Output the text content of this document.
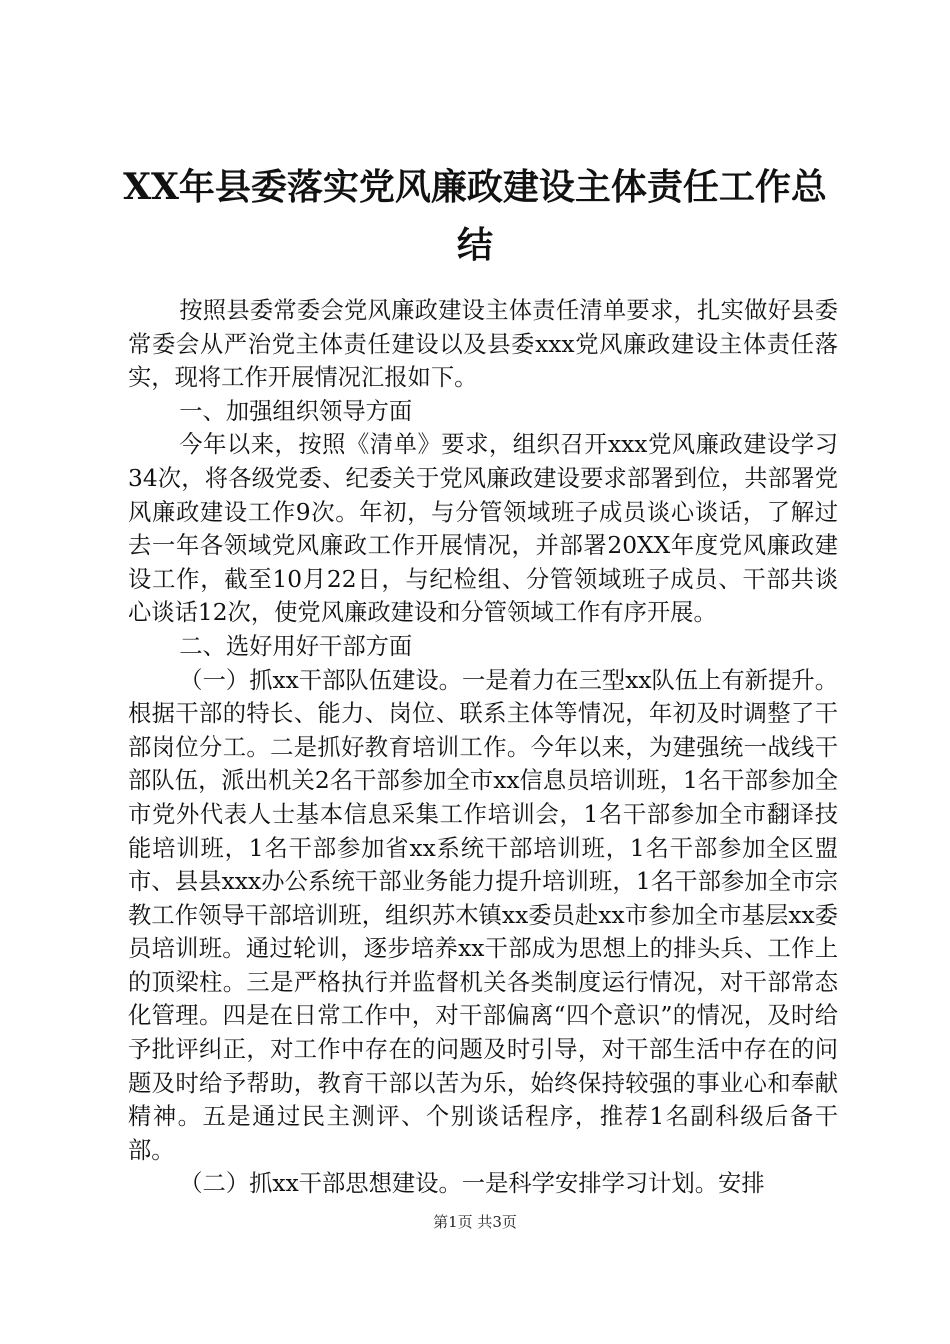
XX年县委落实党风廉政建设主体责任工作总
结

按照县委常委会党风廉政建设主体责任清单要求，扎实做好县委常委会从严治党主体责任建设以及县委xxx党风廉政建设主体责任落实，现将工作开展情况汇报如下。

一、加强组织领导方面

今年以来，按照《清单》要求，组织召开xxx党风廉政建设学习34次，将各级党委、纪委关于党风廉政建设要求部署到位，共部署党风廉政建设工作9次。年初，与分管领域班子成员谈心谈话，了解过去一年各领域党风廉政工作开展情况，并部署20XX年度党风廉政建设工作，截至10月22日，与纪检组、分管领域班子成员、干部共谈心谈话12次，使党风廉政建设和分管领域工作有序开展。

二、选好用好干部方面

（一）抓xx干部队伍建设。一是着力在三型xx队伍上有新提升。根据干部的特长、能力、岗位、联系主体等情况，年初及时调整了干部岗位分工。二是抓好教育培训工作。今年以来，为建强统一战线干部队伍，派出机关2名干部参加全市xx信息员培训班，1名干部参加全市党外代表人士基本信息采集工作培训会，1名干部参加全市翻译技能培训班，1名干部参加省xx系统干部培训班，1名干部参加全区盟市、县县xxx办公系统干部业务能力提升培训班，1名干部参加全市宗教工作领导干部培训班，组织苏木镇xx委员赴xx市参加全市基层xx委员培训班。通过轮训，逐步培养xx干部成为思想上的排头兵、工作上的顶梁柱。三是严格执行并监督机关各类制度运行情况，对干部常态化管理。四是在日常工作中，对干部偏离“四个意识”的情况，及时给予批评纠正，对工作中存在的问题及时引导，对干部生活中存在的问题及时给予帮助，教育干部以苦为乐，始终保持较强的事业心和奉献精神。五是通过民主测评、个别谈话程序，推荐1名副科级后备干部。

（二）抓xx干部思想建设。一是科学安排学习计划。安排

第1页 共3页
